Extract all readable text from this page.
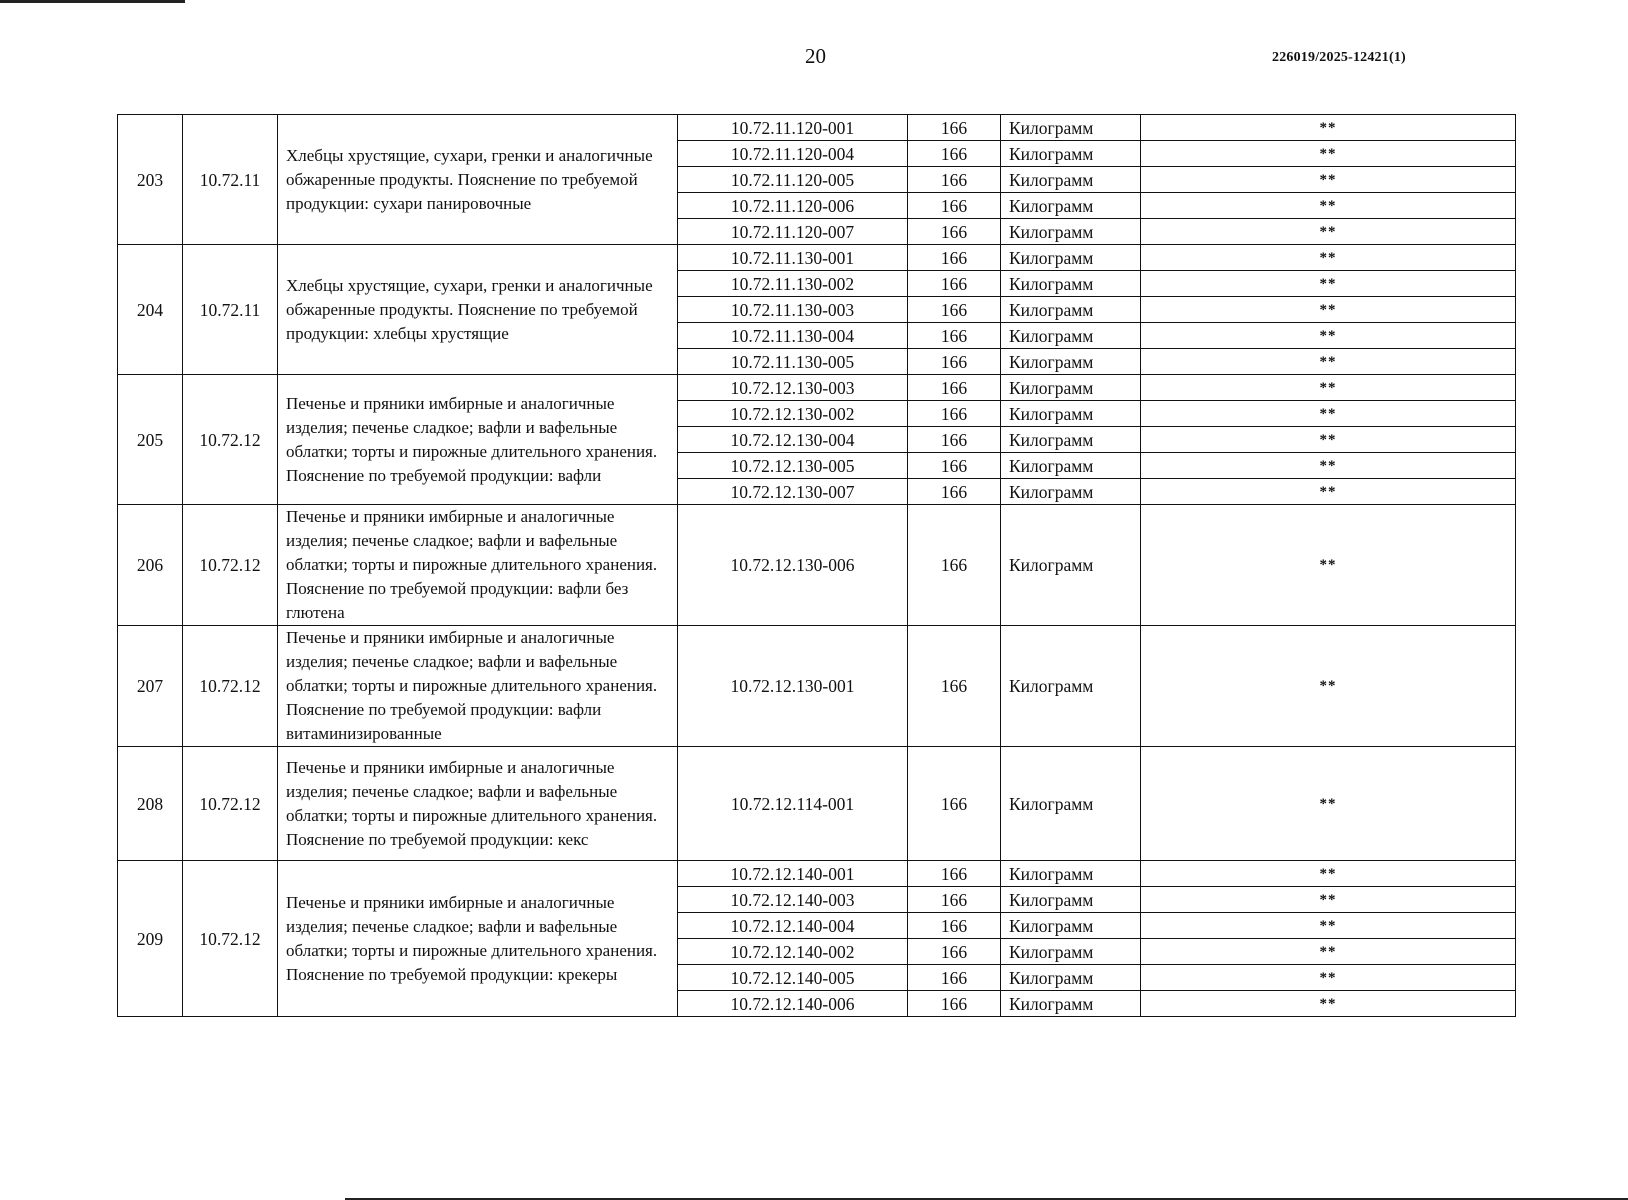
20	226019/2025-12421(1)
203	10.72.11	Хлебцы хрустящие, сухари, гренки и аналогичные обжаренные продукты. Пояснение по требуемой продукции: сухари панировочные	10.72.11.120-001	166	Килограмм	**
			10.72.11.120-004	166	Килограмм	**
			10.72.11.120-005	166	Килограмм	**
			10.72.11.120-006	166	Килограмм	**
			10.72.11.120-007	166	Килограмм	**
204	10.72.11	Хлебцы хрустящие, сухари, гренки и аналогичные обжаренные продукты. Пояснение по требуемой продукции: хлебцы хрустящие	10.72.11.130-001	166	Килограмм	**
			10.72.11.130-002	166	Килограмм	**
			10.72.11.130-003	166	Килограмм	**
			10.72.11.130-004	166	Килограмм	**
			10.72.11.130-005	166	Килограмм	**
205	10.72.12	Печенье и пряники имбирные и аналогичные изделия; печенье сладкое; вафли и вафельные облатки; торты и пирожные длительного хранения. Пояснение по требуемой продукции: вафли	10.72.12.130-003	166	Килограмм	**
			10.72.12.130-002	166	Килограмм	**
			10.72.12.130-004	166	Килограмм	**
			10.72.12.130-005	166	Килограмм	**
			10.72.12.130-007	166	Килограмм	**
206	10.72.12	Печенье и пряники имбирные и аналогичные изделия; печенье сладкое; вафли и вафельные облатки; торты и пирожные длительного хранения. Пояснение по требуемой продукции: вафли без глютена	10.72.12.130-006	166	Килограмм	**
207	10.72.12	Печенье и пряники имбирные и аналогичные изделия; печенье сладкое; вафли и вафельные облатки; торты и пирожные длительного хранения. Пояснение по требуемой продукции: вафли витаминизированные	10.72.12.130-001	166	Килограмм	**
208	10.72.12	Печенье и пряники имбирные и аналогичные изделия; печенье сладкое; вафли и вафельные облатки; торты и пирожные длительного хранения. Пояснение по требуемой продукции: кекс	10.72.12.114-001	166	Килограмм	**
209	10.72.12	Печенье и пряники имбирные и аналогичные изделия; печенье сладкое; вафли и вафельные облатки; торты и пирожные длительного хранения. Пояснение по требуемой продукции: крекеры	10.72.12.140-001	166	Килограмм	**
			10.72.12.140-003	166	Килограмм	**
			10.72.12.140-004	166	Килограмм	**
			10.72.12.140-002	166	Килограмм	**
			10.72.12.140-005	166	Килограмм	**
			10.72.12.140-006	166	Килограмм	**
